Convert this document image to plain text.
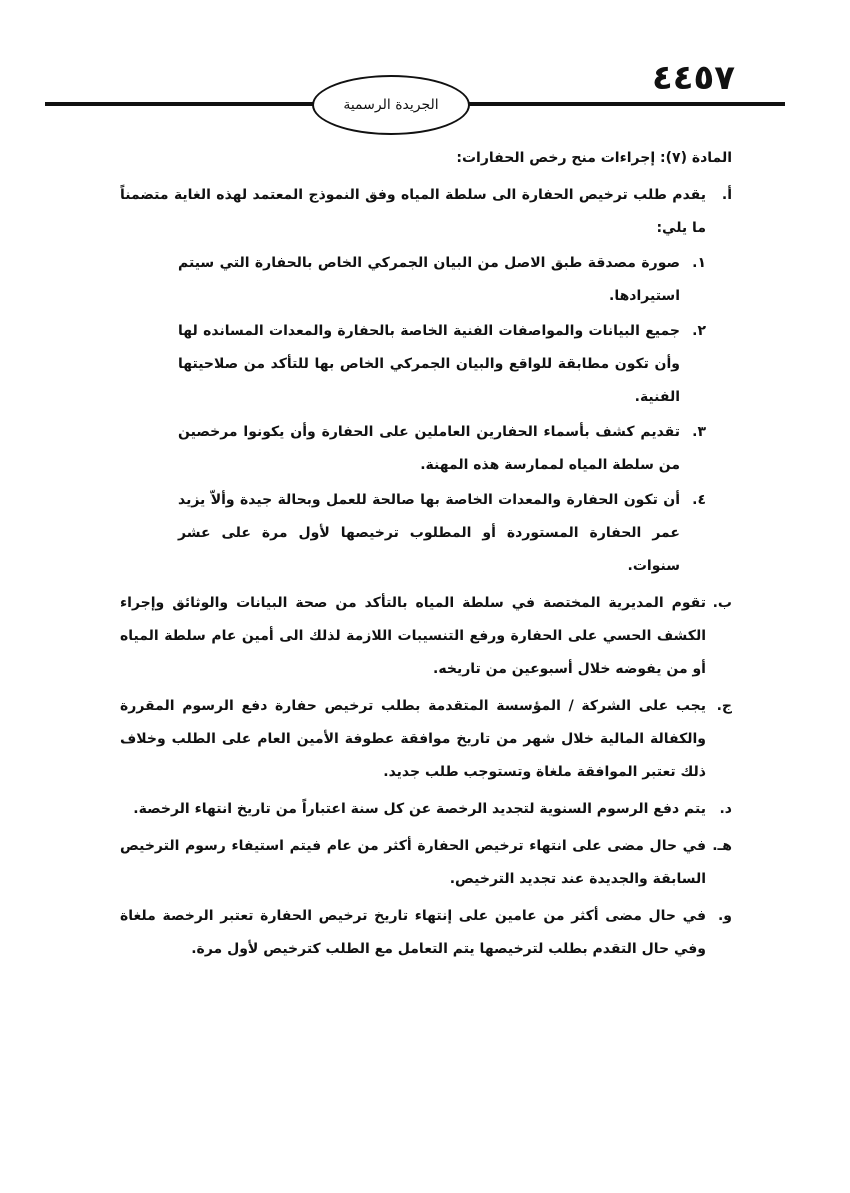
٤٤٥٧
الجريدة الرسمية

المادة (٧): إجراءات منح رخص الحفارات:

أ.
يقدم طلب ترخيص الحفارة الى سلطة المياه وفق النموذج المعتمد لهذه الغاية متضمناً ما يلي:
١.
صورة مصدقة طبق الاصل من البيان الجمركي الخاص بالحفارة التي سيتم استيرادها.
٢.
جميع البيانات والمواصفات الفنية الخاصة بالحفارة والمعدات المسانده لها وأن تكون مطابقة للواقع والبيان الجمركي الخاص بها للتأكد من صلاحيتها الفنية.
٣.
تقديم كشف بأسماء الحفارين العاملين على الحفارة وأن يكونوا مرخصين من سلطة المياه لممارسة هذه المهنة.
٤.
أن تكون الحفارة والمعدات الخاصة بها صالحة للعمل وبحالة جيدة وألاّ يزيد عمر الحفارة المستوردة أو المطلوب ترخيصها لأول مرة على عشر سنوات.
ب.
تقوم المديرية المختصة في سلطة المياه بالتأكد من صحة البيانات والوثائق وإجراء الكشف الحسي على الحفارة ورفع التنسيبات اللازمة لذلك الى أمين عام سلطة المياه أو من يفوضه خلال أسبوعين من تاريخه.
ج.
يجب على الشركة / المؤسسة المتقدمة بطلب ترخيص حفارة دفع الرسوم المقررة والكفالة المالية خلال شهر من تاريخ موافقة عطوفة الأمين العام على الطلب وخلاف ذلك تعتبر الموافقة ملغاة وتستوجب طلب جديد.
د.
يتم دفع الرسوم السنوية لتجديد الرخصة عن كل سنة اعتباراً من تاريخ انتهاء الرخصة.
هـ.
في حال مضى على انتهاء ترخيص الحفارة أكثر من عام فيتم استيفاء رسوم الترخيص السابقة والجديدة عند تجديد الترخيص.
و.
في حال مضى أكثر من عامين على إنتهاء تاريخ ترخيص الحفارة تعتبر الرخصة ملغاة وفي حال التقدم بطلب لترخيصها يتم التعامل مع الطلب كترخيص لأول مرة.
